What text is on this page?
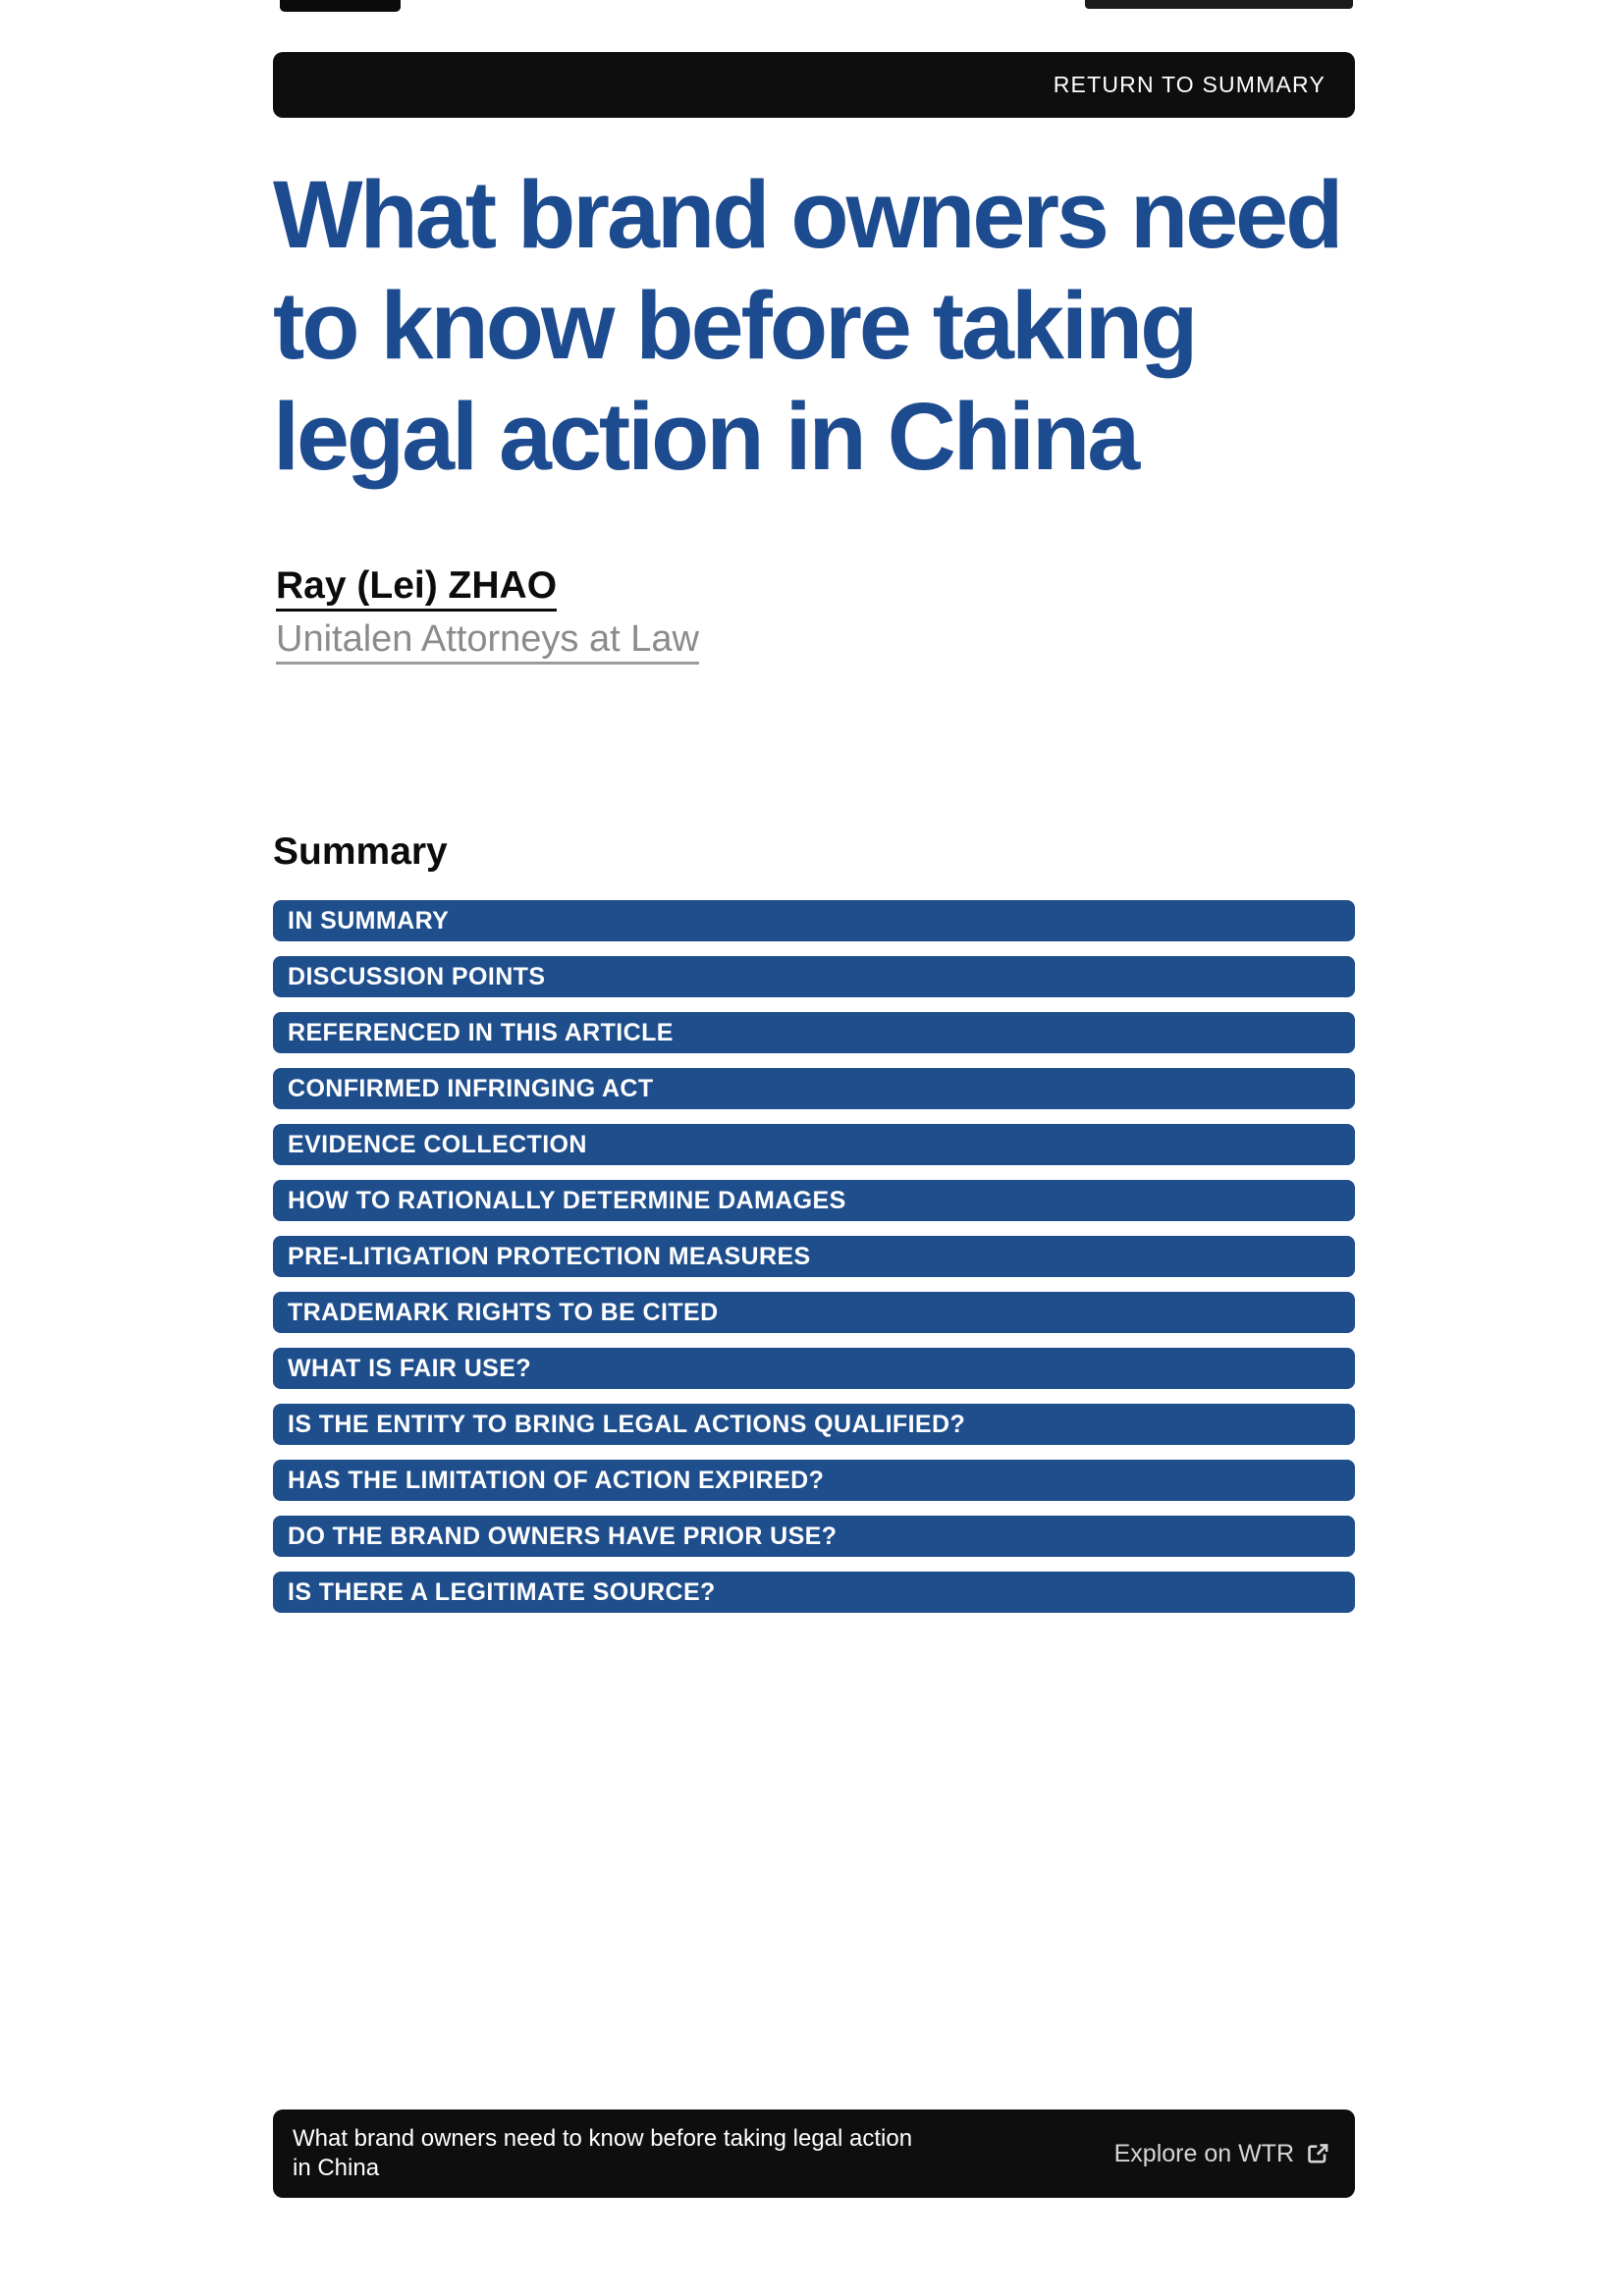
RETURN TO SUMMARY
What brand owners need
to know before taking
legal action in China
Ray (Lei) ZHAO
Unitalen Attorneys at Law
Summary
IN SUMMARY
DISCUSSION POINTS
REFERENCED IN THIS ARTICLE
CONFIRMED INFRINGING ACT
EVIDENCE COLLECTION
HOW TO RATIONALLY DETERMINE DAMAGES
PRE-LITIGATION PROTECTION MEASURES
TRADEMARK RIGHTS TO BE CITED
WHAT IS FAIR USE?
IS THE ENTITY TO BRING LEGAL ACTIONS QUALIFIED?
HAS THE LIMITATION OF ACTION EXPIRED?
DO THE BRAND OWNERS HAVE PRIOR USE?
IS THERE A LEGITIMATE SOURCE?
What brand owners need to know before taking legal action
in China
Explore on WTR
